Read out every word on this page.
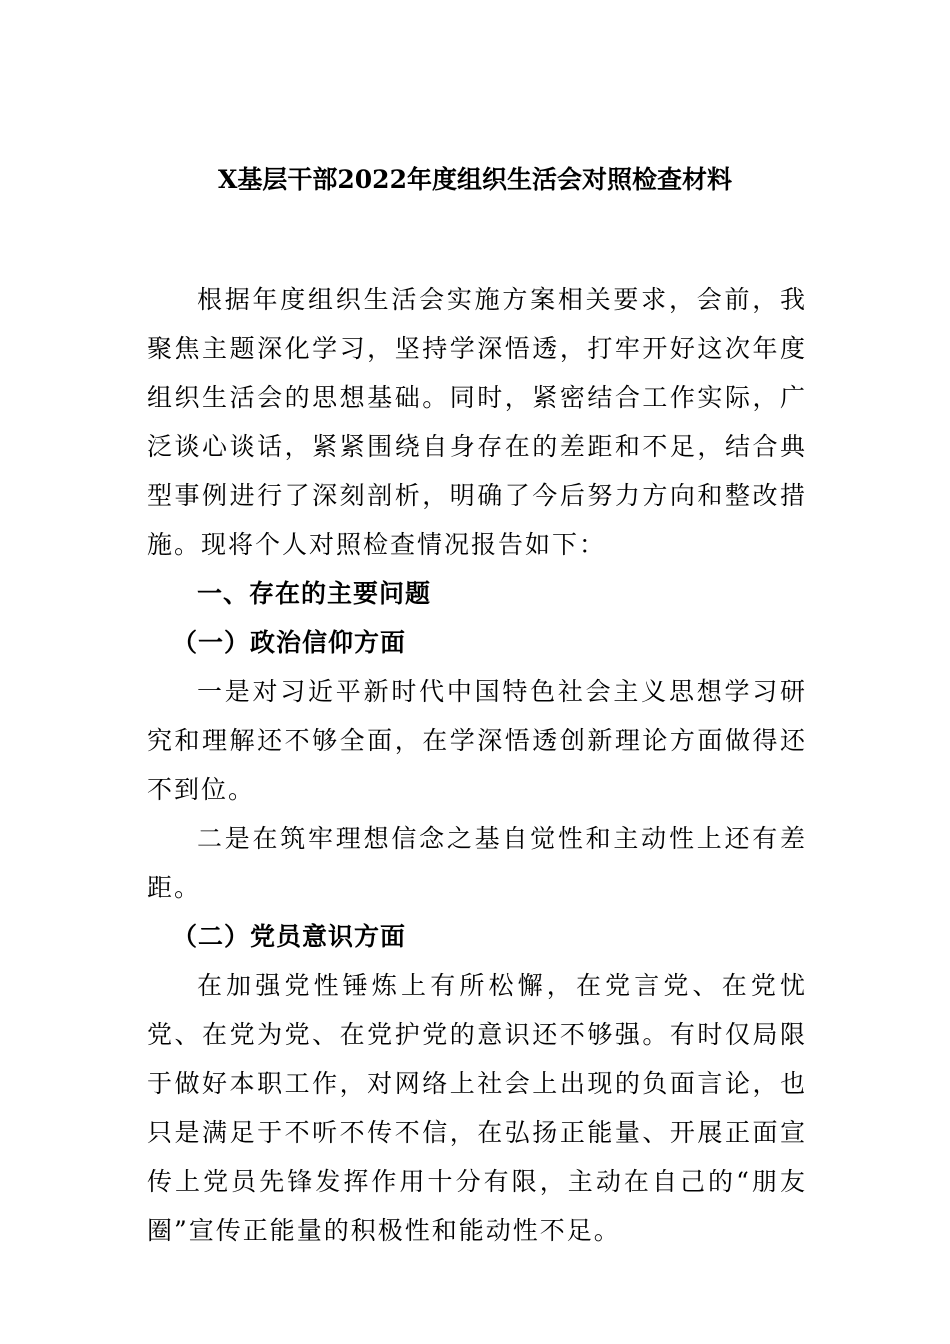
X基层干部2022年度组织生活会对照检查材料

根据年度组织生活会实施方案相关要求，会前，我聚焦主题深化学习，坚持学深悟透，打牢开好这次年度组织生活会的思想基础。同时，紧密结合工作实际，广泛谈心谈话，紧紧围绕自身存在的差距和不足，结合典型事例进行了深刻剖析，明确了今后努力方向和整改措施。现将个人对照检查情况报告如下：

一、存在的主要问题

（一）政治信仰方面

一是对习近平新时代中国特色社会主义思想学习研究和理解还不够全面，在学深悟透创新理论方面做得还不到位。

二是在筑牢理想信念之基自觉性和主动性上还有差距。

（二）党员意识方面

在加强党性锤炼上有所松懈，在党言党、在党忧党、在党为党、在党护党的意识还不够强。有时仅局限于做好本职工作，对网络上社会上出现的负面言论，也只是满足于不听不传不信，在弘扬正能量、开展正面宣传上党员先锋发挥作用十分有限，主动在自己的“朋友圈”宣传正能量的积极性和能动性不足。
